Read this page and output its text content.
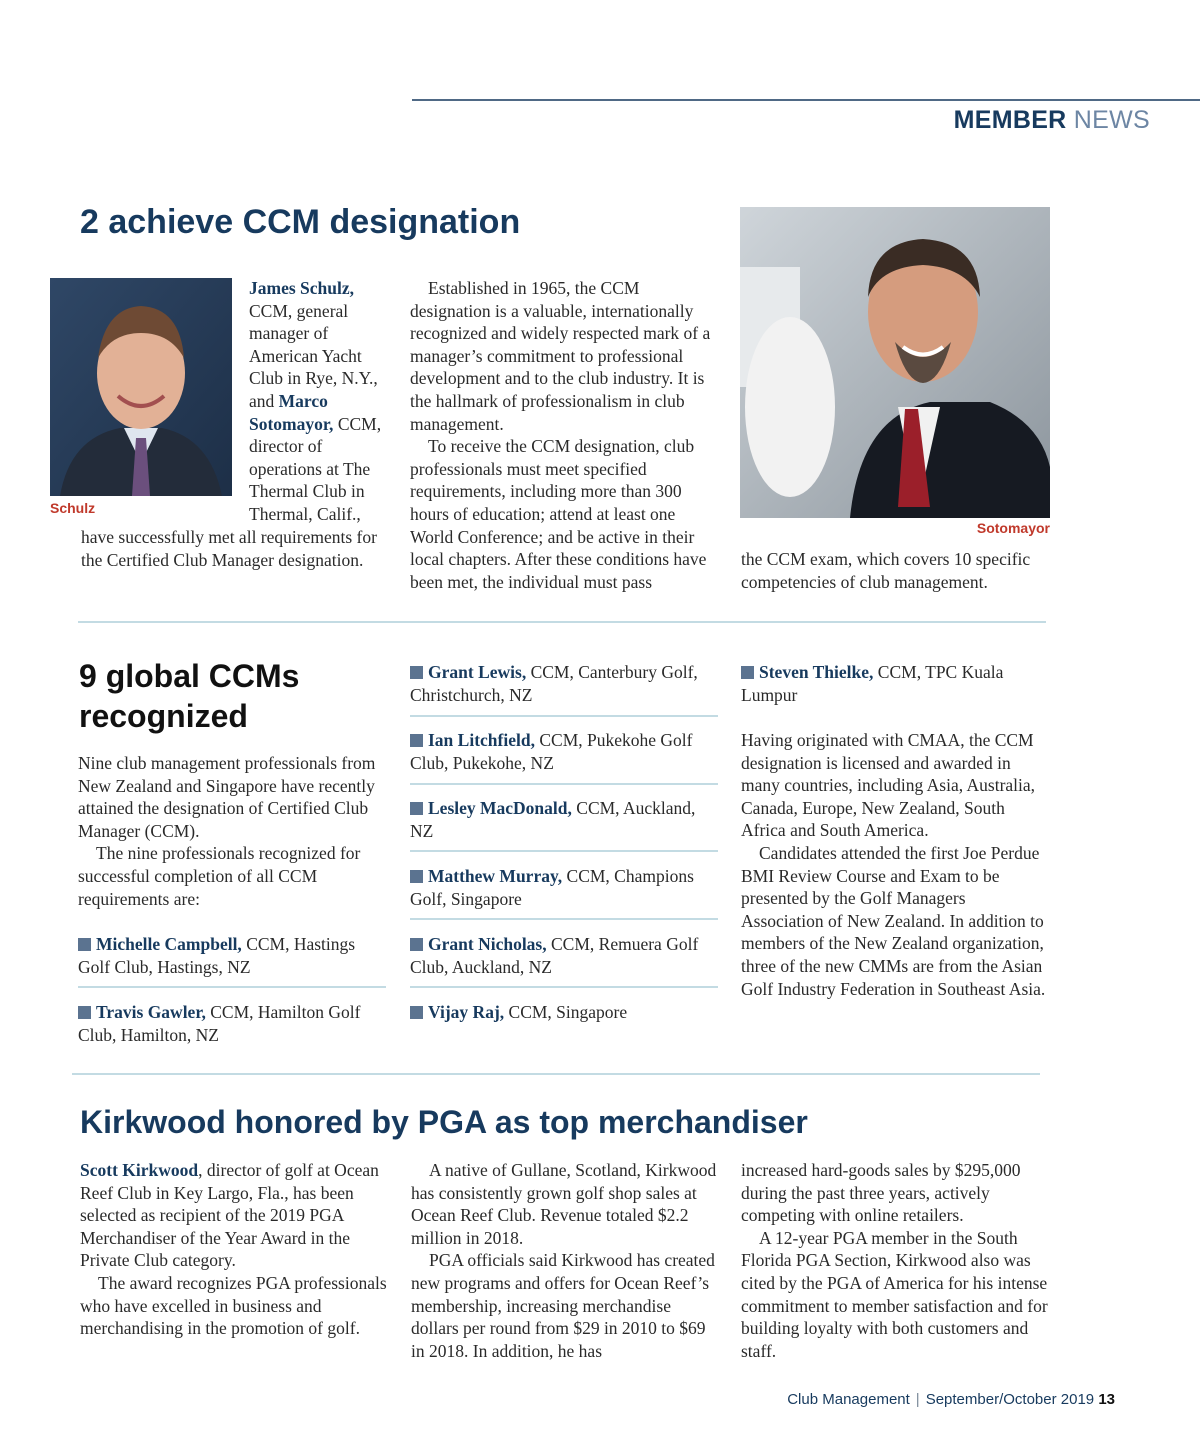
MEMBER NEWS
2 achieve CCM designation
Schulz
James Schulz, CCM, general manager of American Yacht Club in Rye, N.Y., and Marco Sotomayor, CCM, director of operations at The Thermal Club in Thermal, Calif.,
have successfully met all requirements for the Certified Club Manager designation.
Established in 1965, the CCM designation is a valuable, internationally recognized and widely respected mark of a manager’s commitment to professional development and to the club industry. It is the hallmark of professionalism in club management.
To receive the CCM designation, club professionals must meet specified requirements, including more than 300 hours of education; attend at least one World Conference; and be active in their local chapters. After these conditions have been met, the individual must pass
Sotomayor
the CCM exam, which covers 10 specific competencies of club management.
9 global CCMs recognized
Nine club management professionals from New Zealand and Singapore have recently attained the designation of Certified Club Manager (CCM).
The nine professionals recognized for successful completion of all CCM requirements are:
Michelle Campbell, CCM, Hastings Golf Club, Hastings, NZ
Travis Gawler, CCM, Hamilton Golf Club, Hamilton, NZ
Grant Lewis, CCM, Canterbury Golf, Christchurch, NZ
Ian Litchfield, CCM, Pukekohe Golf Club, Pukekohe, NZ
Lesley MacDonald, CCM, Auckland, NZ
Matthew Murray, CCM, Champions Golf, Singapore
Grant Nicholas, CCM, Remuera Golf Club, Auckland, NZ
Vijay Raj, CCM, Singapore
Steven Thielke, CCM, TPC Kuala Lumpur
Having originated with CMAA, the CCM designation is licensed and awarded in many countries, including Asia, Australia, Canada, Europe, New Zealand, South Africa and South America.
Candidates attended the first Joe Perdue BMI Review Course and Exam to be presented by the Golf Managers Association of New Zealand. In addition to members of the New Zealand organization, three of the new CMMs are from the Asian Golf Industry Federation in Southeast Asia.
Kirkwood honored by PGA as top merchandiser
Scott Kirkwood, director of golf at Ocean Reef Club in Key Largo, Fla., has been selected as recipient of the 2019 PGA Merchandiser of the Year Award in the Private Club category.
The award recognizes PGA professionals who have excelled in business and merchandising in the promotion of golf.
A native of Gullane, Scotland, Kirkwood has consistently grown golf shop sales at Ocean Reef Club. Revenue totaled $2.2 million in 2018.
PGA officials said Kirkwood has created new programs and offers for Ocean Reef’s membership, increasing merchandise dollars per round from $29 in 2010 to $69 in 2018. In addition, he has
increased hard-goods sales by $295,000 during the past three years, actively competing with online retailers.
A 12-year PGA member in the South Florida PGA Section, Kirkwood also was cited by the PGA of America for his intense commitment to member satisfaction and for building loyalty with both customers and staff.
Club Management | September/October 2019 13
